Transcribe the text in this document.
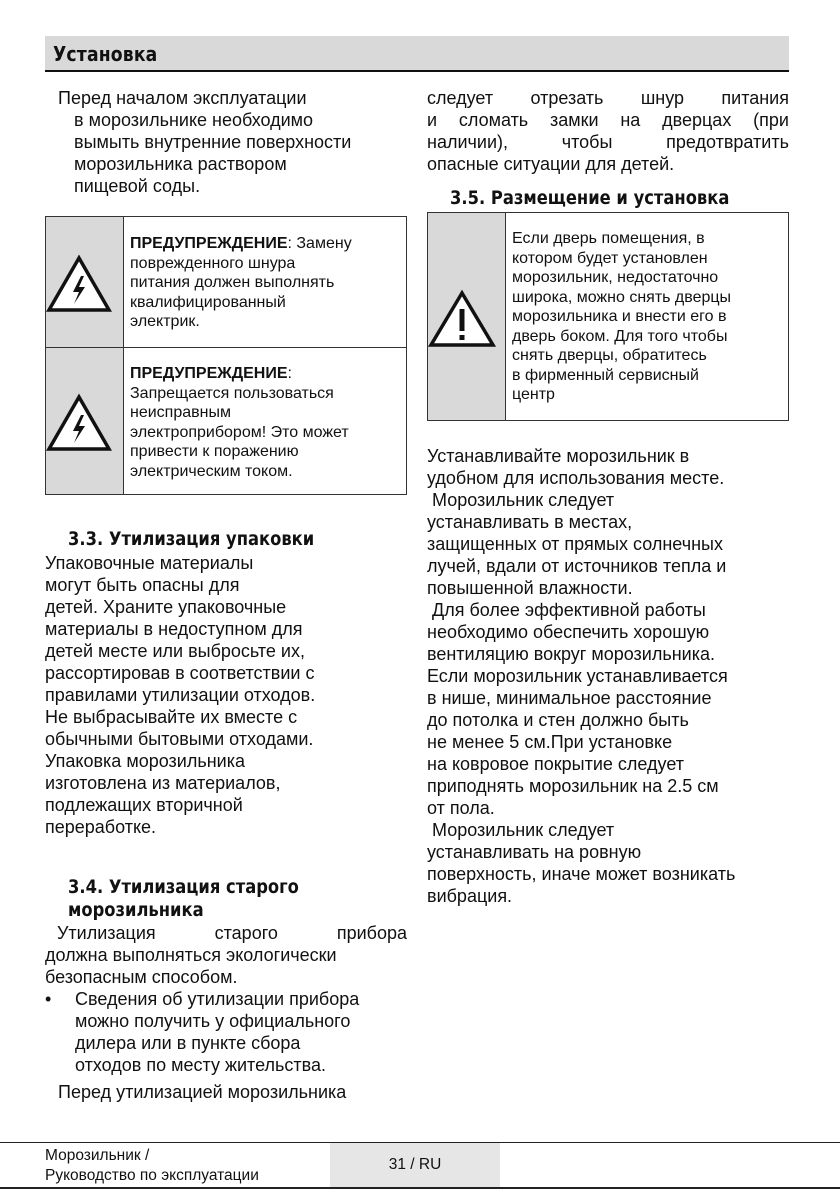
Установка
Перед началом эксплуатации
в морозильнике необходимо
вымыть внутренние поверхности
морозильника раствором
пищевой соды.
ПРЕДУПРЕЖДЕНИЕ: Замену
поврежденного шнура
питания должен выполнять
квалифицированный
электрик.
ПРЕДУПРЕЖДЕНИЕ:
Запрещается пользоваться
неисправным
электроприбором! Это может
привести к поражению
электрическим током.
3.3. Утилизация упаковки
Упаковочные материалы
могут быть опасны для
детей. Храните упаковочные
материалы в недоступном для
детей месте или выбросьте их,
рассортировав в соответствии с
правилами утилизации отходов.
Не выбрасывайте их вместе с
обычными бытовыми отходами.
Упаковка морозильника
изготовлена из материалов,
подлежащих вторичной
переработке.
3.4. Утилизация старого
морозильника
Утилизация	старого	прибора
должна выполняться экологически
безопасным способом.
• Сведения об утилизации прибора
можно получить у официального
дилера или в пункте сбора
отходов по месту жительства.
Перед утилизацией морозильника
следует отрезать шнур питания
и сломать замки на дверцах (при
наличии),	чтобы	предотвратить
опасные ситуации для детей.
3.5. Размещение и установка
Если дверь помещения, в
котором будет установлен
морозильник, недостаточно
широка, можно снять дверцы
морозильника и внести его в
дверь боком. Для того чтобы
снять дверцы, обратитесь
в фирменный сервисный
центр
Устанавливайте морозильник в
удобном для использования месте.
Морозильник следует
устанавливать в местах,
защищенных от прямых солнечных
лучей, вдали от источников тепла и
повышенной влажности.
Для более эффективной работы
необходимо обеспечить хорошую
вентиляцию вокруг морозильника.
Если морозильник устанавливается
в нише, минимальное расстояние
до потолка и стен должно быть
не менее 5 см.При установке
на ковровое покрытие следует
приподнять морозильник на 2.5 см
от пола.
Морозильник следует
устанавливать на ровную
поверхность, иначе может возникать
вибрация.
Морозильник /
Руководство по эксплуатации
31 / RU
